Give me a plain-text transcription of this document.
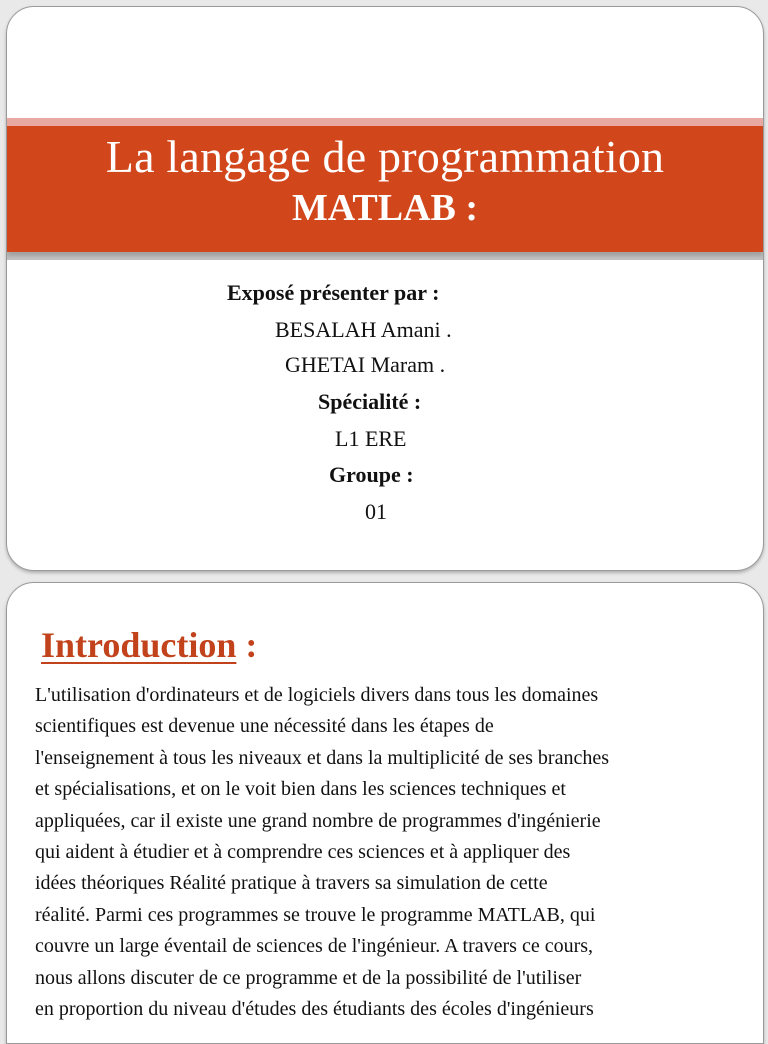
La langage de programmation
MATLAB :
Exposé présenter par :
BESALAH Amani .
GHETAI Maram .
Spécialité :
L1 ERE
Groupe :
01
Introduction :
L'utilisation d'ordinateurs et de logiciels divers dans tous les domaines
scientifiques est devenue une nécessité dans les étapes de
l'enseignement à tous les niveaux et dans la multiplicité de ses branches
et spécialisations, et on le voit bien dans les sciences techniques et
appliquées, car il existe une grand nombre de programmes d'ingénierie
qui aident à étudier et à comprendre ces sciences et à appliquer des
idées théoriques Réalité pratique à travers sa simulation de cette
réalité. Parmi ces programmes se trouve le programme MATLAB, qui
couvre un large éventail de sciences de l'ingénieur. A travers ce cours,
nous allons discuter de ce programme et de la possibilité de l'utiliser
en proportion du niveau d'études des étudiants des écoles d'ingénieurs
